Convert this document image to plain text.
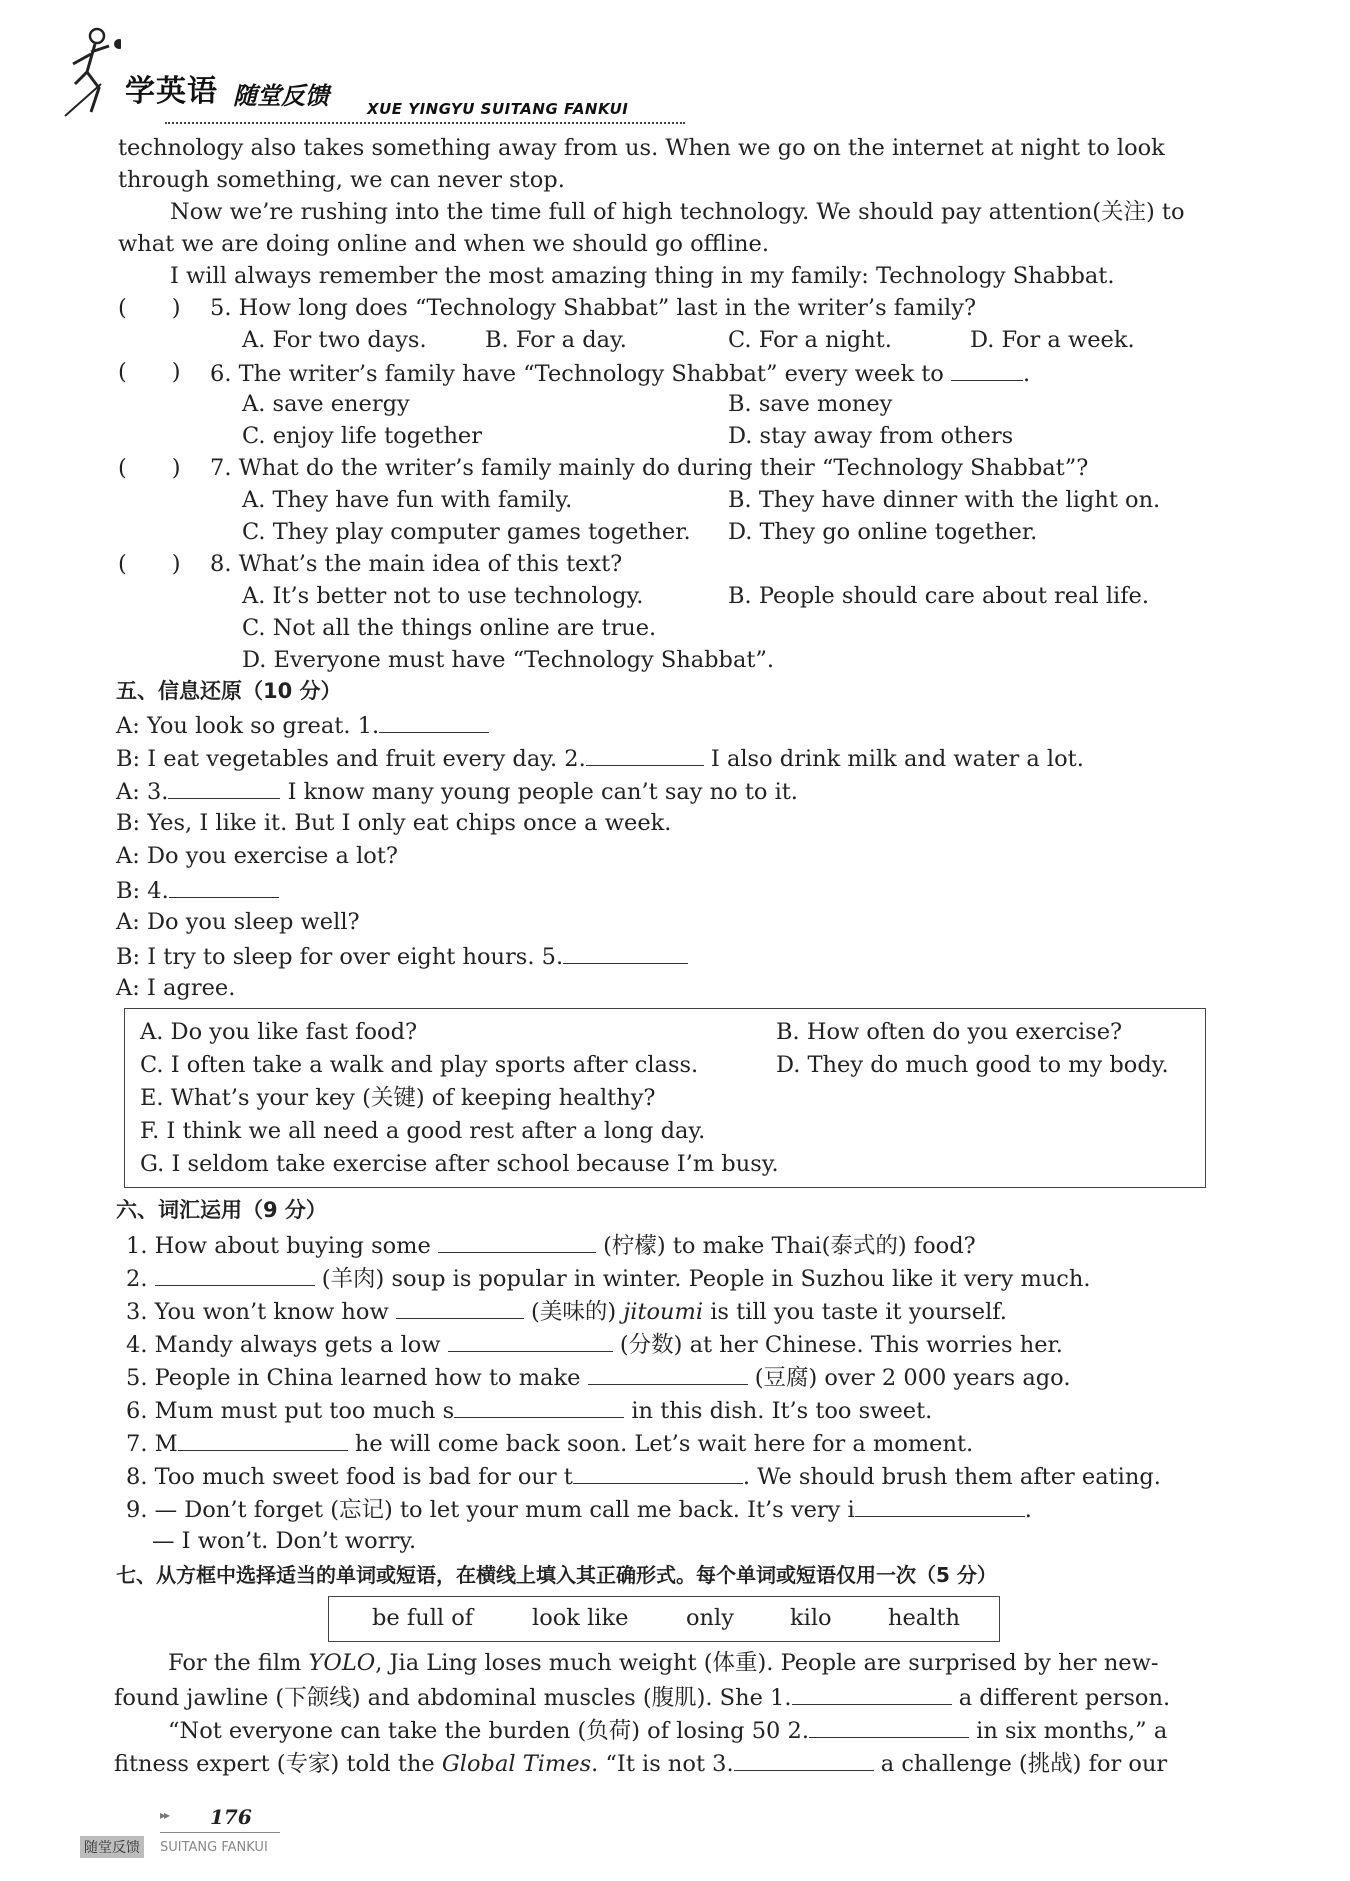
学英语 随堂反馈	XUE YINGYU SUITANG FANKUI
technology also takes something away from us. When we go on the internet at night to look
through something, we can never stop.
Now we’re rushing into the time full of high technology. We should pay attention(关注) to
what we are doing online and when we should go offline.
I will always remember the most amazing thing in my family: Technology Shabbat.
(　　) 5. How long does “Technology Shabbat” last in the writer’s family?
A. For two days.	B. For a day.	C. For a night.	D. For a week.
(　　) 6. The writer’s family have “Technology Shabbat” every week to	.
A. save energy	B. save money
C. enjoy life together	D. stay away from others
(　　) 7. What do the writer’s family mainly do during their “Technology Shabbat”?
A. They have fun with family.	B. They have dinner with the light on.
C. They play computer games together. D. They go online together.
(　　) 8. What’s the main idea of this text?
A. It’s better not to use technology.	B. People should care about real life.
C. Not all the things online are true.
D. Everyone must have “Technology Shabbat”.
五、信息还原（10 分）
A: You look so great. 1.
B: I eat vegetables and fruit every day. 2.	I also drink milk and water a lot.
A: 3.	I know many young people can’t say no to it.
B: Yes, I like it. But I only eat chips once a week.
A: Do you exercise a lot?
B: 4.
A: Do you sleep well?
B: I try to sleep for over eight hours. 5.
A: I agree.
A. Do you like fast food?	B. How often do you exercise?
C. I often take a walk and play sports after class.	D. They do much good to my body.
E. What’s your key (关键) of keeping healthy?
F. I think we all need a good rest after a long day.
G. I seldom take exercise after school because I’m busy.
六、词汇运用（9 分）
1. How about buying some	(柠檬) to make Thai(泰式的) food?
2.	(羊肉) soup is popular in winter. People in Suzhou like it very much.
3. You won’t know how	(美味的) jitoumi is till you taste it yourself.
4. Mandy always gets a low	(分数) at her Chinese. This worries her.
5. People in China learned how to make	(豆腐) over 2 000 years ago.
6. Mum must put too much s	in this dish. It’s too sweet.
7. M	he will come back soon. Let’s wait here for a moment.
8. Too much sweet food is bad for our t	. We should brush them after eating.
9. — Don’t forget (忘记) to let your mum call me back. It’s very i	.
— I won’t. Don’t worry.
七、从方框中选择适当的单词或短语，在横线上填入其正确形式。每个单词或短语仅用一次（5 分）
be full of	look like	only kilo	health
For the film YOLO, Jia Ling loses much weight (体重). People are surprised by her new-
found jawline (下颌线) and abdominal muscles (腹肌). She 1.	a different person.
“Not everyone can take the burden (负荷) of losing 50 2.	in six months,” a
fitness expert (专家) told the Global Times. “It is not 3.	a challenge (挑战) for our
▸▸ 176
随堂反馈	SUITANG FANKUI
